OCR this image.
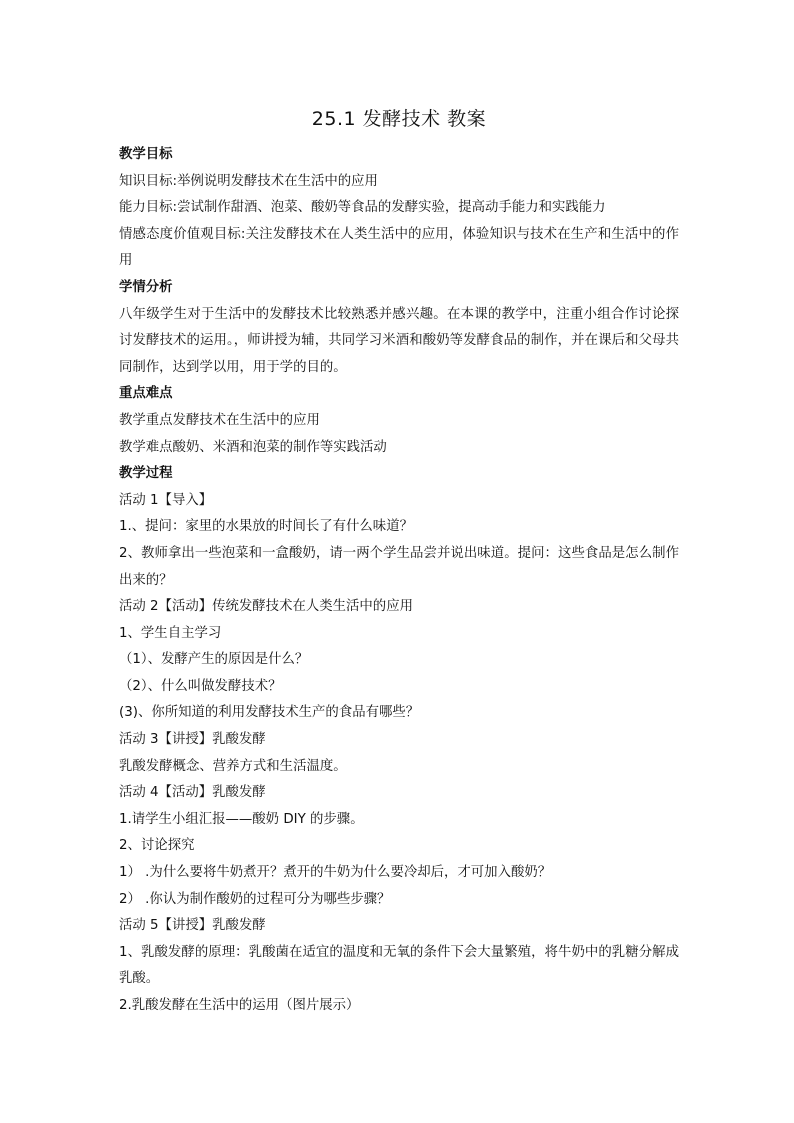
25.1 发酵技术 教案
教学目标
知识目标:举例说明发酵技术在生活中的应用
能力目标:尝试制作甜酒、泡菜、酸奶等食品的发酵实验，提高动手能力和实践能力
情感态度价值观目标:关注发酵技术在人类生活中的应用，体验知识与技术在生产和生活中的作用
学情分析
八年级学生对于生活中的发酵技术比较熟悉并感兴趣。在本课的教学中，注重小组合作讨论探讨发酵技术的运用。，师讲授为辅，共同学习米酒和酸奶等发酵食品的制作，并在课后和父母共同制作，达到学以用，用于学的目的。
重点难点
教学重点发酵技术在生活中的应用
教学难点酸奶、米酒和泡菜的制作等实践活动
教学过程
活动 1【导入】
1.、提问：家里的水果放的时间长了有什么味道？
2、教师拿出一些泡菜和一盒酸奶，请一两个学生品尝并说出味道。提问：这些食品是怎么制作出来的？
活动 2【活动】传统发酵技术在人类生活中的应用
1、学生自主学习
（1）、发酵产生的原因是什么？
（2）、什么叫做发酵技术？
(3)、你所知道的利用发酵技术生产的食品有哪些？
活动 3【讲授】乳酸发酵
乳酸发酵概念、营养方式和生活温度。
活动 4【活动】乳酸发酵
1.请学生小组汇报——酸奶 DIY 的步骤。
2、讨论探究
1） .为什么要将牛奶煮开？煮开的牛奶为什么要冷却后，才可加入酸奶？
2） .你认为制作酸奶的过程可分为哪些步骤？
活动 5【讲授】乳酸发酵
1、乳酸发酵的原理：乳酸菌在适宜的温度和无氧的条件下会大量繁殖，将牛奶中的乳糖分解成乳酸。
2.乳酸发酵在生活中的运用（图片展示）
